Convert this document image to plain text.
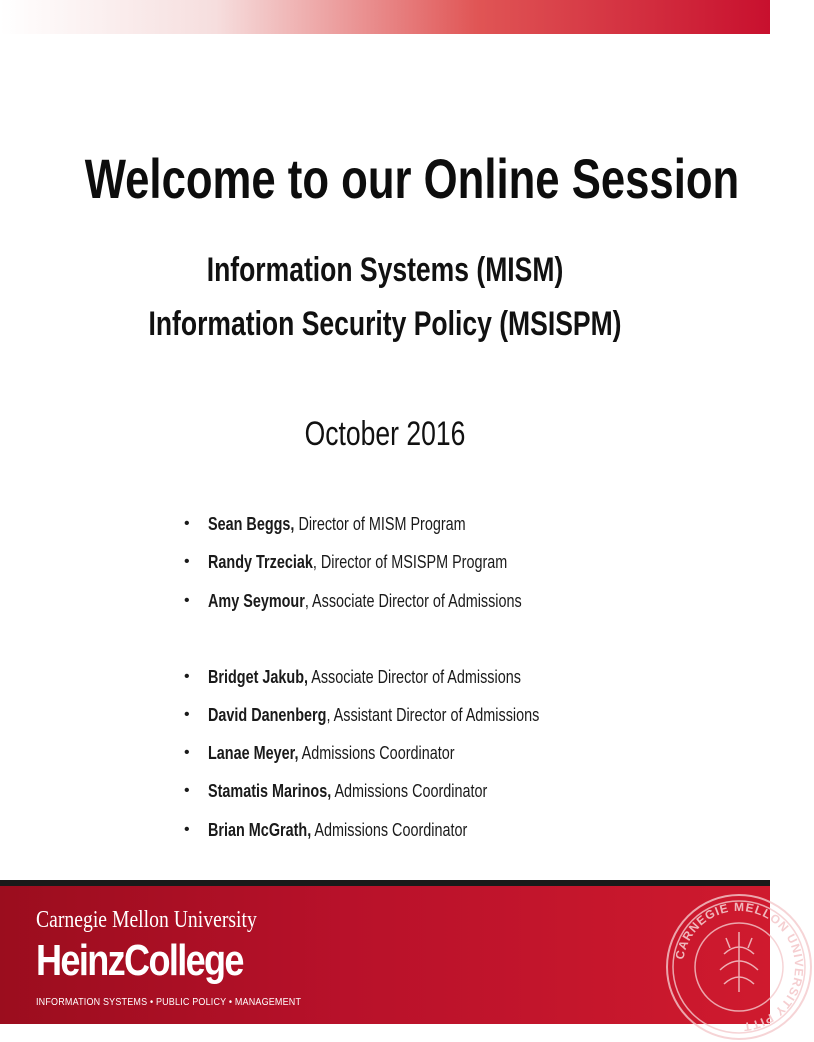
Welcome to our Online Session
Information Systems (MISM)
Information Security Policy (MSISPM)
October 2016
• Sean Beggs, Director of MISM Program
• Randy Trzeciak, Director of MSISPM Program
• Amy Seymour, Associate Director of Admissions
• Bridget Jakub, Associate Director of Admissions
• David Danenberg, Assistant Director of Admissions
• Lanae Meyer, Admissions Coordinator
• Stamatis Marinos, Admissions Coordinator
• Brian McGrath, Admissions Coordinator
Carnegie Mellon University
HeinzCollege
INFORMATION SYSTEMS • PUBLIC POLICY • MANAGEMENT
CARNEGIE MELLON UNIVERSITY PITT
